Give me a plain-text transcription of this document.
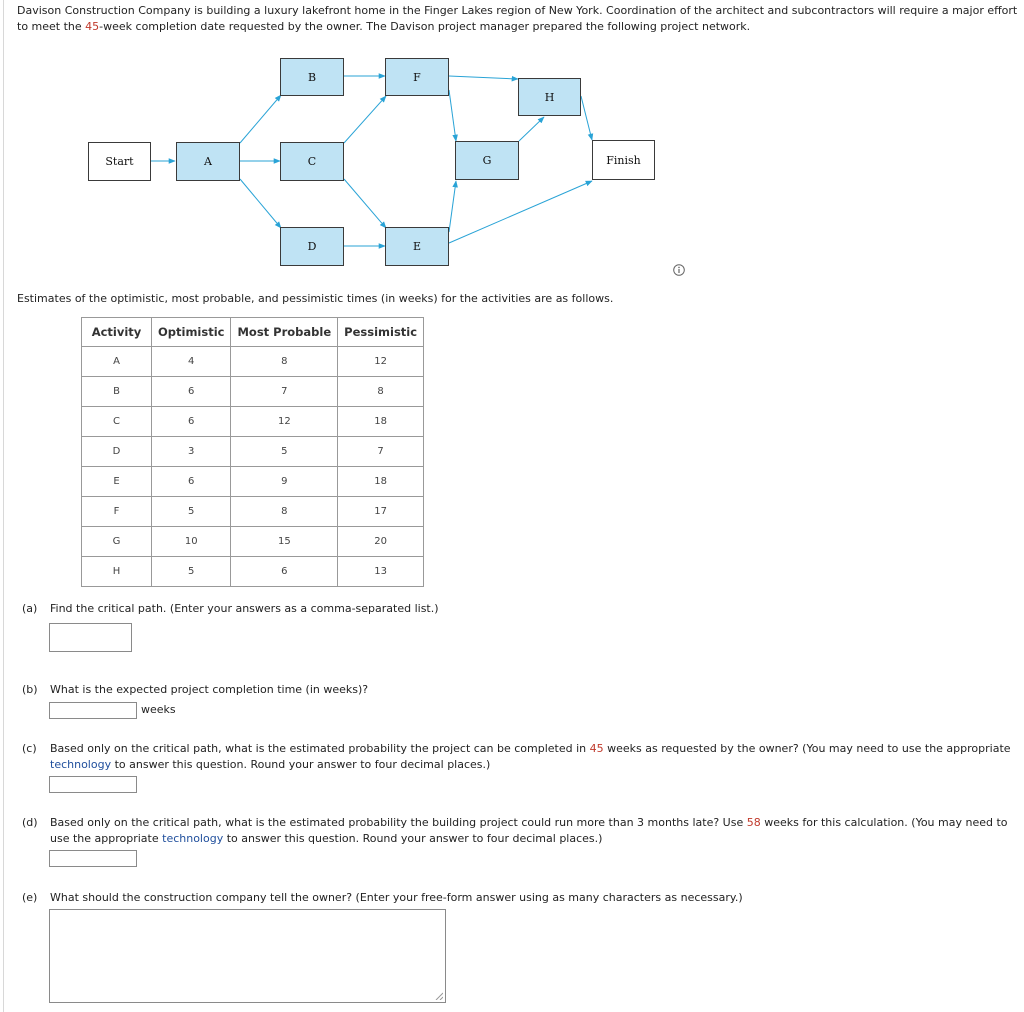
Davison Construction Company is building a luxury lakefront home in the Finger Lakes region of New York. Coordination of the architect and subcontractors will require a major effort to meet the 45-week completion date requested by the owner. The Davison project manager prepared the following project network.
Start	A
B
C
D
F
E
G
H
Finish
Estimates of the optimistic, most probable, and pessimistic times (in weeks) for the activities are as follows.
Activity	Optimistic	Most Probable	Pessimistic
A	4	8	12
B	6	7	8
C	6	12	18
D	3	5	7
E	6	9	18
F	5	8	17
G	10	15	20
H	5	6	13
(a) Find the critical path. (Enter your answers as a comma-separated list.)
(b) What is the expected project completion time (in weeks)?
weeks
(c) Based only on the critical path, what is the estimated probability the project can be completed in 45 weeks as requested by the owner? (You may need to use the appropriate technology to answer this question. Round your answer to four decimal places.)
(d) Based only on the critical path, what is the estimated probability the building project could run more than 3 months late? Use 58 weeks for this calculation. (You may need to use the appropriate technology to answer this question. Round your answer to four decimal places.)
(e) What should the construction company tell the owner? (Enter your free-form answer using as many characters as necessary.)
